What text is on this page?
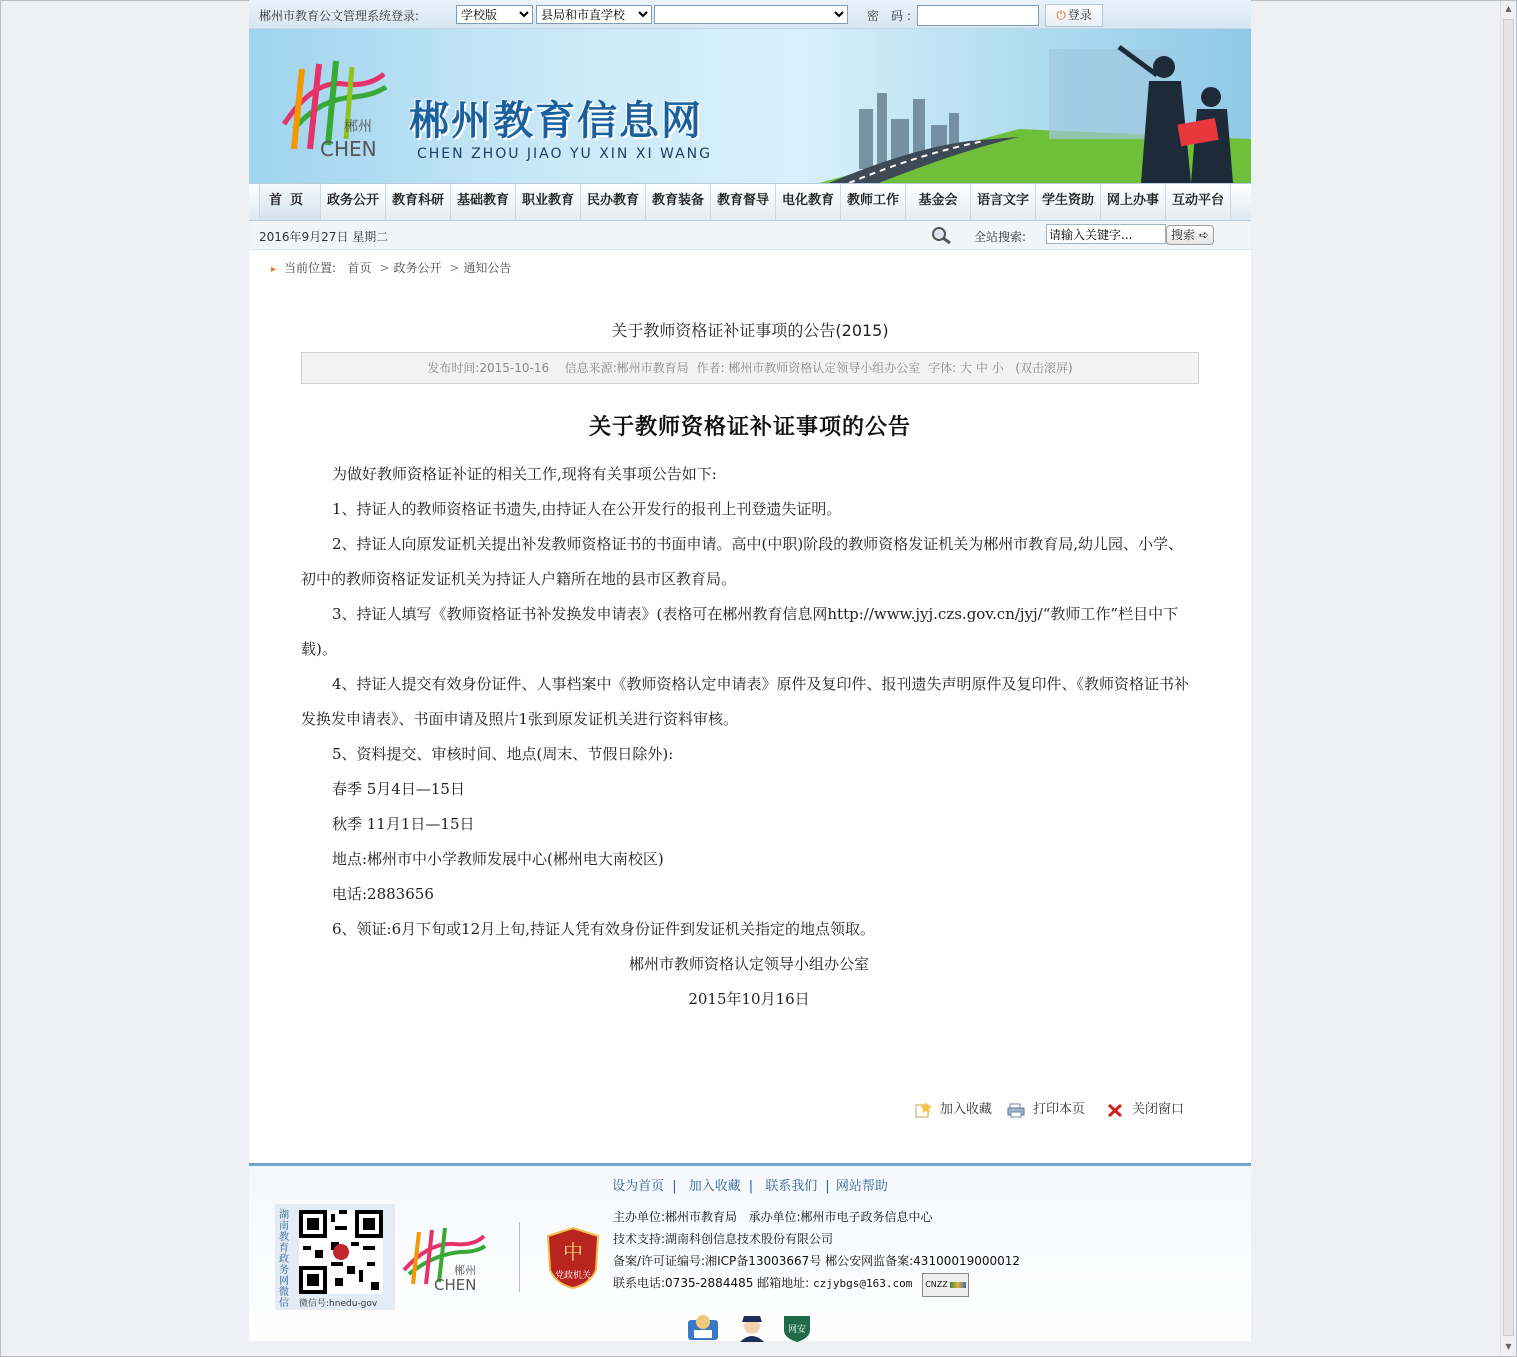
郴州市教育公文管理系统登录:
学校版
县局和市直学校	密 码:	⏻ 登录
郴州
CHEN
郴州教育信息网
CHEN ZHOU JIAO YU XIN XI WANG
首页	政务公开 教育科研 基础教育 职业教育 民办教育 教育装备 教育督导 电化教育 教师工作	基金会	语言文字 学生资助 网上办事 互动平台
2016年9月27日 星期二	全站搜索:
请输入关键字...	搜索 ➪
▸ 当前位置: 首页 > 政务公开 > 通知公告
关于教师资格证补证事项的公告(2015)
发布时间:2015-10-16 信息来源:郴州市教育局 作者: 郴州市教师资格认定领导小组办公室 字体: 大 中 小 (双击滚屏)
关于教师资格证补证事项的公告

为做好教师资格证补证的相关工作,现将有关事项公告如下:

1、持证人的教师资格证书遗失,由持证人在公开发行的报刊上刊登遗失证明。

2、持证人向原发证机关提出补发教师资格证书的书面申请。高中(中职)阶段的教师资格发证机关为郴州市教育局,幼儿园、小学、初中的教师资格证发证机关为持证人户籍所在地的县市区教育局。

3、持证人填写《教师资格证书补发换发申请表》(表格可在郴州教育信息网http://www.jyj.czs.gov.cn/jyj/“教师工作”栏目中下载)。

4、持证人提交有效身份证件、人事档案中《教师资格认定申请表》原件及复印件、报刊遗失声明原件及复印件、《教师资格证书补发换发申请表》、书面申请及照片1张到原发证机关进行资料审核。

5、资料提交、审核时间、地点(周末、节假日除外):

春季 5月4日—15日

秋季 11月1日—15日

地点:郴州市中小学教师发展中心(郴州电大南校区)

电话:2883656

6、领证:6月下旬或12月上旬,持证人凭有效身份证件到发证机关指定的地点领取。

郴州市教师资格认定领导小组办公室

2015年10月16日

加入收藏	打印本页	关闭窗口
设为首页 | 加入收藏 | 联系我们 | 网站帮助
湖南教育政务网微信	微信号:hnedu-gov
郴州
CHEN
中
党政机关
主办单位:郴州市教育局 承办单位:郴州市电子政务信息中心
技术支持:湖南科创信息技术股份有限公司
备案/许可证编号:湘ICP备13003667号 郴公安网监备案:43100019000012
联系电话:0735-2884485 邮箱地址: czjybgs@163.com CNZZ
网安
▲
▼
